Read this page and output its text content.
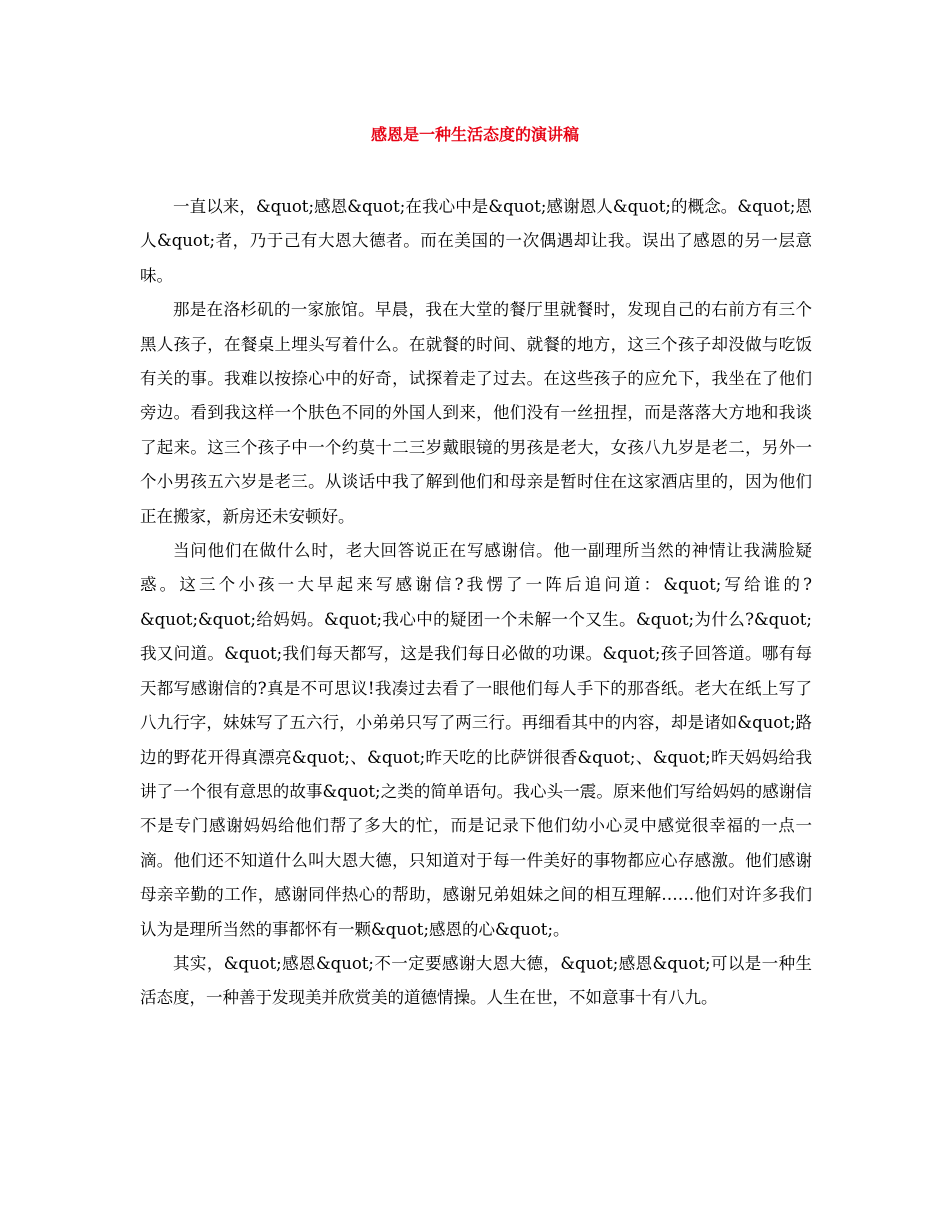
感恩是一种生活态度的演讲稿

一直以来，&quot;感恩&quot;在我心中是&quot;感谢恩人&quot;的概念。&quot;恩人&quot;者，乃于己有大恩大德者。而在美国的一次偶遇却让我。误出了感恩的另一层意味。

那是在洛杉矶的一家旅馆。早晨，我在大堂的餐厅里就餐时，发现自己的右前方有三个黑人孩子，在餐桌上埋头写着什么。在就餐的时间、就餐的地方，这三个孩子却没做与吃饭有关的事。我难以按捺心中的好奇，试探着走了过去。在这些孩子的应允下，我坐在了他们旁边。看到我这样一个肤色不同的外国人到来，他们没有一丝扭捏，而是落落大方地和我谈了起来。这三个孩子中一个约莫十二三岁戴眼镜的男孩是老大，女孩八九岁是老二，另外一个小男孩五六岁是老三。从谈话中我了解到他们和母亲是暂时住在这家酒店里的，因为他们正在搬家，新房还未安顿好。

当问他们在做什么时，老大回答说正在写感谢信。他一副理所当然的神情让我满脸疑惑。这三个小孩一大早起来写感谢信?我愣了一阵后追问道：&quot;写给谁的?&quot;&quot;给妈妈。&quot;我心中的疑团一个未解一个又生。&quot;为什么?&quot;我又问道。&quot;我们每天都写，这是我们每日必做的功课。&quot;孩子回答道。哪有每天都写感谢信的?真是不可思议!我凑过去看了一眼他们每人手下的那沓纸。老大在纸上写了八九行字，妹妹写了五六行，小弟弟只写了两三行。再细看其中的内容，却是诸如&quot;路边的野花开得真漂亮&quot;、&quot;昨天吃的比萨饼很香&quot;、&quot;昨天妈妈给我讲了一个很有意思的故事&quot;之类的简单语句。我心头一震。原来他们写给妈妈的感谢信不是专门感谢妈妈给他们帮了多大的忙，而是记录下他们幼小心灵中感觉很幸福的一点一滴。他们还不知道什么叫大恩大德，只知道对于每一件美好的事物都应心存感激。他们感谢母亲辛勤的工作，感谢同伴热心的帮助，感谢兄弟姐妹之间的相互理解……他们对许多我们认为是理所当然的事都怀有一颗&quot;感恩的心&quot;。

其实，&quot;感恩&quot;不一定要感谢大恩大德，&quot;感恩&quot;可以是一种生活态度，一种善于发现美并欣赏美的道德情操。人生在世，不如意事十有八九。
